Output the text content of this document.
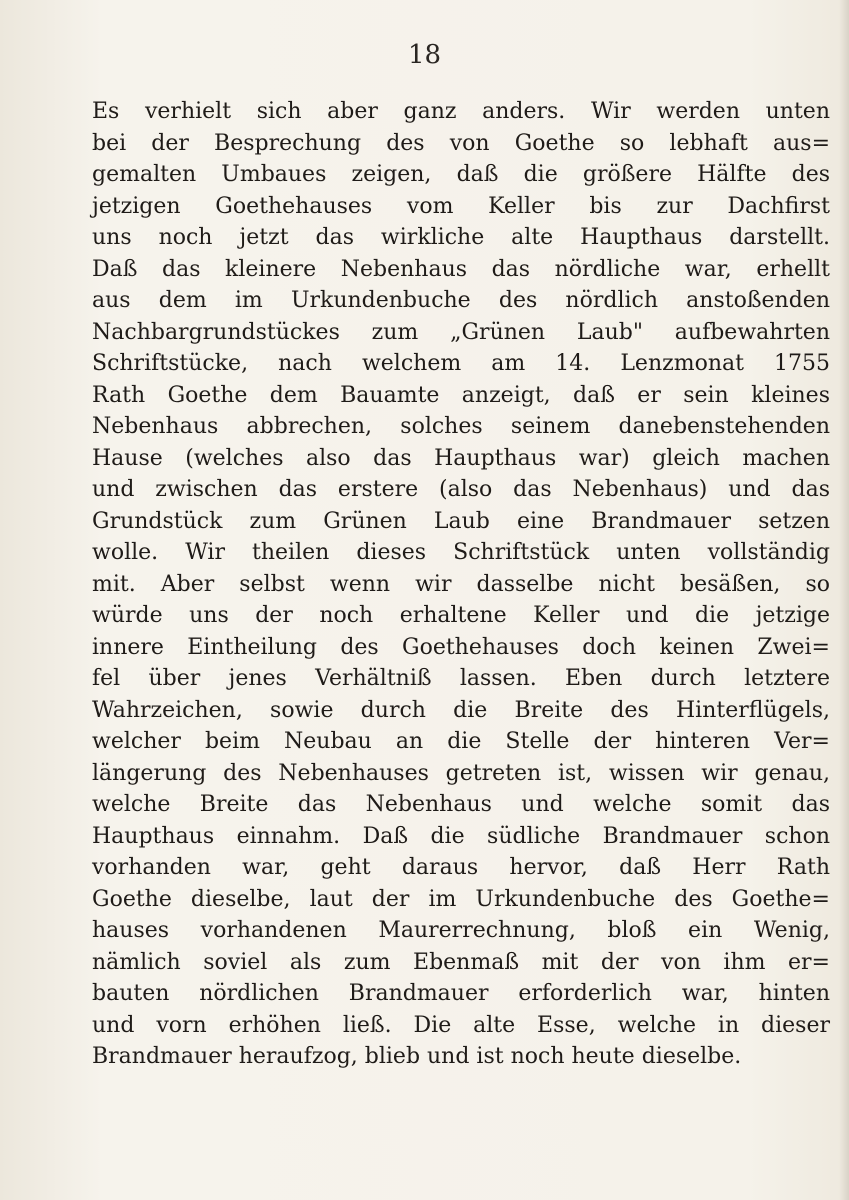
18

Es verhielt sich aber ganz anders. Wir werden unten
bei der Besprechung des von Goethe so lebhaft aus=
gemalten Umbaues zeigen, daß die größere Hälfte des
jetzigen Goethehauses vom Keller bis zur Dachfirst
uns noch jetzt das wirkliche alte Haupthaus darstellt.
Daß das kleinere Nebenhaus das nördliche war, erhellt
aus dem im Urkundenbuche des nördlich anstoßenden
Nachbargrundstückes zum „Grünen Laub" aufbewahrten
Schriftstücke, nach welchem am 14. Lenzmonat 1755
Rath Goethe dem Bauamte anzeigt, daß er sein kleines
Nebenhaus abbrechen, solches seinem danebenstehenden
Hause (welches also das Haupthaus war) gleich machen
und zwischen das erstere (also das Nebenhaus) und das
Grundstück zum Grünen Laub eine Brandmauer setzen
wolle. Wir theilen dieses Schriftstück unten vollständig
mit. Aber selbst wenn wir dasselbe nicht besäßen, so
würde uns der noch erhaltene Keller und die jetzige
innere Eintheilung des Goethehauses doch keinen Zwei=
fel über jenes Verhältniß lassen. Eben durch letztere
Wahrzeichen, sowie durch die Breite des Hinterflügels,
welcher beim Neubau an die Stelle der hinteren Ver=
längerung des Nebenhauses getreten ist, wissen wir genau,
welche Breite das Nebenhaus und welche somit das
Haupthaus einnahm. Daß die südliche Brandmauer schon
vorhanden war, geht daraus hervor, daß Herr Rath
Goethe dieselbe, laut der im Urkundenbuche des Goethe=
hauses vorhandenen Maurerrechnung, bloß ein Wenig,
nämlich soviel als zum Ebenmaß mit der von ihm er=
bauten nördlichen Brandmauer erforderlich war, hinten
und vorn erhöhen ließ. Die alte Esse, welche in dieser
Brandmauer heraufzog, blieb und ist noch heute dieselbe.
